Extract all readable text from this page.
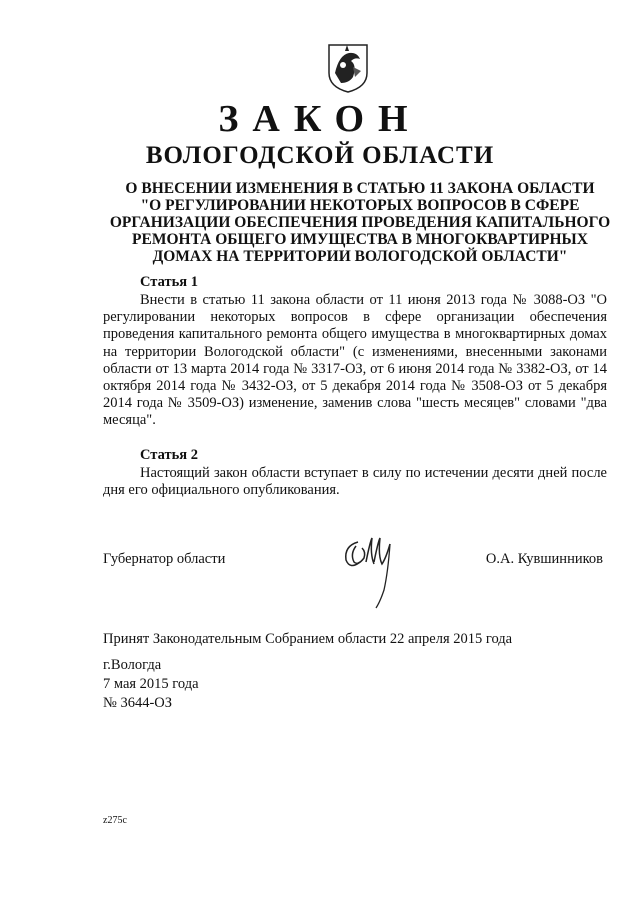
ЗАКОН
ВОЛОГОДСКОЙ ОБЛАСТИ
О ВНЕСЕНИИ ИЗМЕНЕНИЯ В СТАТЬЮ 11 ЗАКОНА ОБЛАСТИ
"О РЕГУЛИРОВАНИИ НЕКОТОРЫХ ВОПРОСОВ В СФЕРЕ
ОРГАНИЗАЦИИ ОБЕСПЕЧЕНИЯ ПРОВЕДЕНИЯ КАПИТАЛЬНОГО
РЕМОНТА ОБЩЕГО ИМУЩЕСТВА В МНОГОКВАРТИРНЫХ
ДОМАХ НА ТЕРРИТОРИИ ВОЛОГОДСКОЙ ОБЛАСТИ"
Статья 1
Внести в статью 11 закона области от 11 июня 2013 года № 3088-ОЗ "О регулировании некоторых вопросов в сфере организации обеспечения проведения капитального ремонта общего имущества в многоквартирных домах на территории Вологодской области" (с изменениями, внесенными законами области от 13 марта 2014 года № 3317-ОЗ, от 6 июня 2014 года № 3382-ОЗ, от 14 октября 2014 года № 3432-ОЗ, от 5 декабря 2014 года № 3508-ОЗ от 5 декабря 2014 года № 3509-ОЗ) изменение, заменив слова "шесть месяцев" словами "два месяца".
Статья 2
Настоящий закон области вступает в силу по истечении десяти дней после дня его официального опубликования.
Губернатор области	О.А. Кувшинников
Принят Законодательным Собранием области 22 апреля 2015 года
г.Вологда
7 мая 2015 года
№ 3644-ОЗ
z275c
